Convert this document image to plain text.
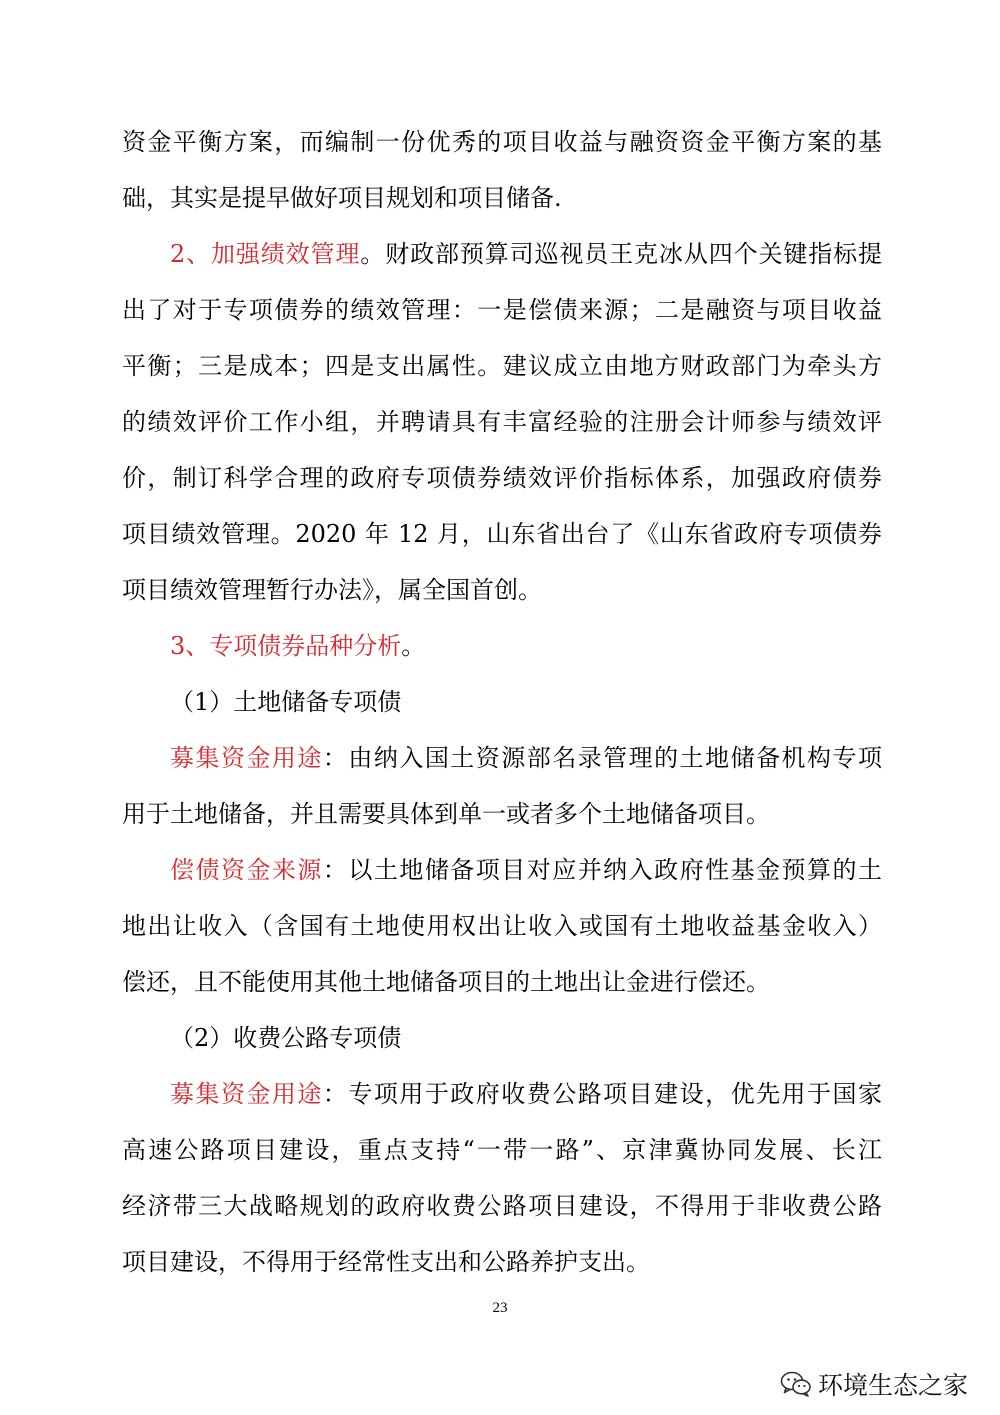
资金平衡方案，而编制一份优秀的项目收益与融资资金平衡方案的基
础，其实是提早做好项目规划和项目储备.
2、加强绩效管理。财政部预算司巡视员王克冰从四个关键指标提
出了对于专项债券的绩效管理：一是偿债来源；二是融资与项目收益
平衡；三是成本；四是支出属性。建议成立由地方财政部门为牵头方
的绩效评价工作小组，并聘请具有丰富经验的注册会计师参与绩效评
价，制订科学合理的政府专项债券绩效评价指标体系，加强政府债券
项目绩效管理。2020 年 12 月，山东省出台了《山东省政府专项债券
项目绩效管理暂行办法》，属全国首创。
3、专项债券品种分析。
（1）土地储备专项债
募集资金用途：由纳入国土资源部名录管理的土地储备机构专项
用于土地储备，并且需要具体到单一或者多个土地储备项目。
偿债资金来源：以土地储备项目对应并纳入政府性基金预算的土
地出让收入（含国有土地使用权出让收入或国有土地收益基金收入）
偿还，且不能使用其他土地储备项目的土地出让金进行偿还。
（2）收费公路专项债
募集资金用途：专项用于政府收费公路项目建设，优先用于国家
高速公路项目建设，重点支持“一带一路”、京津冀协同发展、长江
经济带三大战略规划的政府收费公路项目建设，不得用于非收费公路
项目建设，不得用于经常性支出和公路养护支出。
23
环境生态之家
